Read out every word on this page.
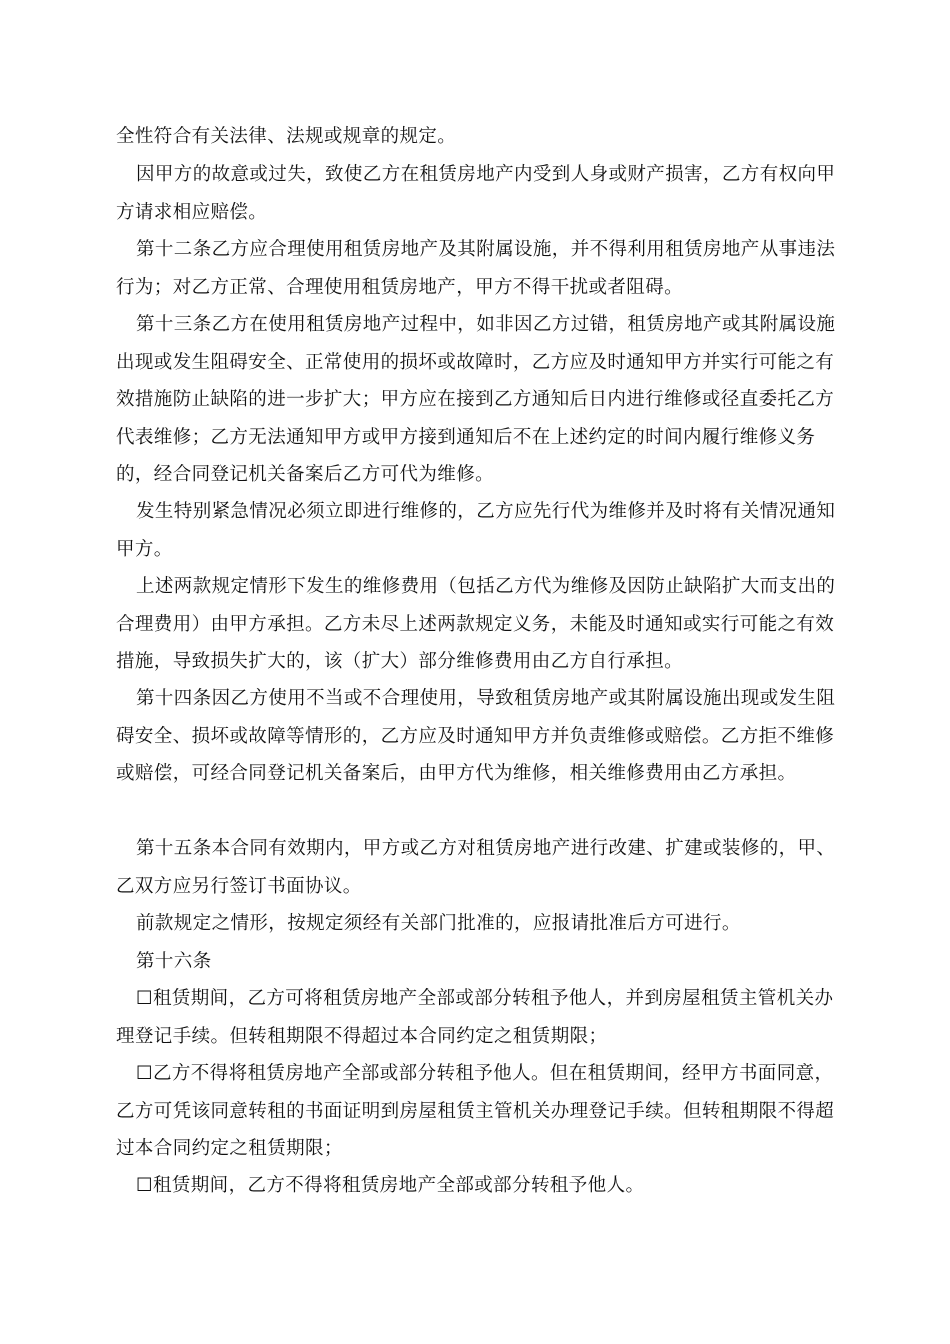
全性符合有关法律、法规或规章的规定。
因甲方的故意或过失，致使乙方在租赁房地产内受到人身或财产损害，乙方有权向甲方请求相应赔偿。
第十二条乙方应合理使用租赁房地产及其附属设施，并不得利用租赁房地产从事违法行为；对乙方正常、合理使用租赁房地产，甲方不得干扰或者阻碍。
第十三条乙方在使用租赁房地产过程中，如非因乙方过错，租赁房地产或其附属设施出现或发生阻碍安全、正常使用的损坏或故障时，乙方应及时通知甲方并实行可能之有效措施防止缺陷的进一步扩大；甲方应在接到乙方通知后日内进行维修或径直委托乙方代表维修；乙方无法通知甲方或甲方接到通知后不在上述约定的时间内履行维修义务的，经合同登记机关备案后乙方可代为维修。
发生特别紧急情况必须立即进行维修的，乙方应先行代为维修并及时将有关情况通知甲方。
上述两款规定情形下发生的维修费用（包括乙方代为维修及因防止缺陷扩大而支出的合理费用）由甲方承担。乙方未尽上述两款规定义务，未能及时通知或实行可能之有效措施，导致损失扩大的，该（扩大）部分维修费用由乙方自行承担。
第十四条因乙方使用不当或不合理使用，导致租赁房地产或其附属设施出现或发生阻碍安全、损坏或故障等情形的，乙方应及时通知甲方并负责维修或赔偿。乙方拒不维修或赔偿，可经合同登记机关备案后，由甲方代为维修，相关维修费用由乙方承担。
第十五条本合同有效期内，甲方或乙方对租赁房地产进行改建、扩建或装修的，甲、乙双方应另行签订书面协议。
前款规定之情形，按规定须经有关部门批准的，应报请批准后方可进行。
第十六条
☐租赁期间，乙方可将租赁房地产全部或部分转租予他人，并到房屋租赁主管机关办理登记手续。但转租期限不得超过本合同约定之租赁期限；
☐乙方不得将租赁房地产全部或部分转租予他人。但在租赁期间，经甲方书面同意，乙方可凭该同意转租的书面证明到房屋租赁主管机关办理登记手续。但转租期限不得超过本合同约定之租赁期限；
☐租赁期间，乙方不得将租赁房地产全部或部分转租予他人。
